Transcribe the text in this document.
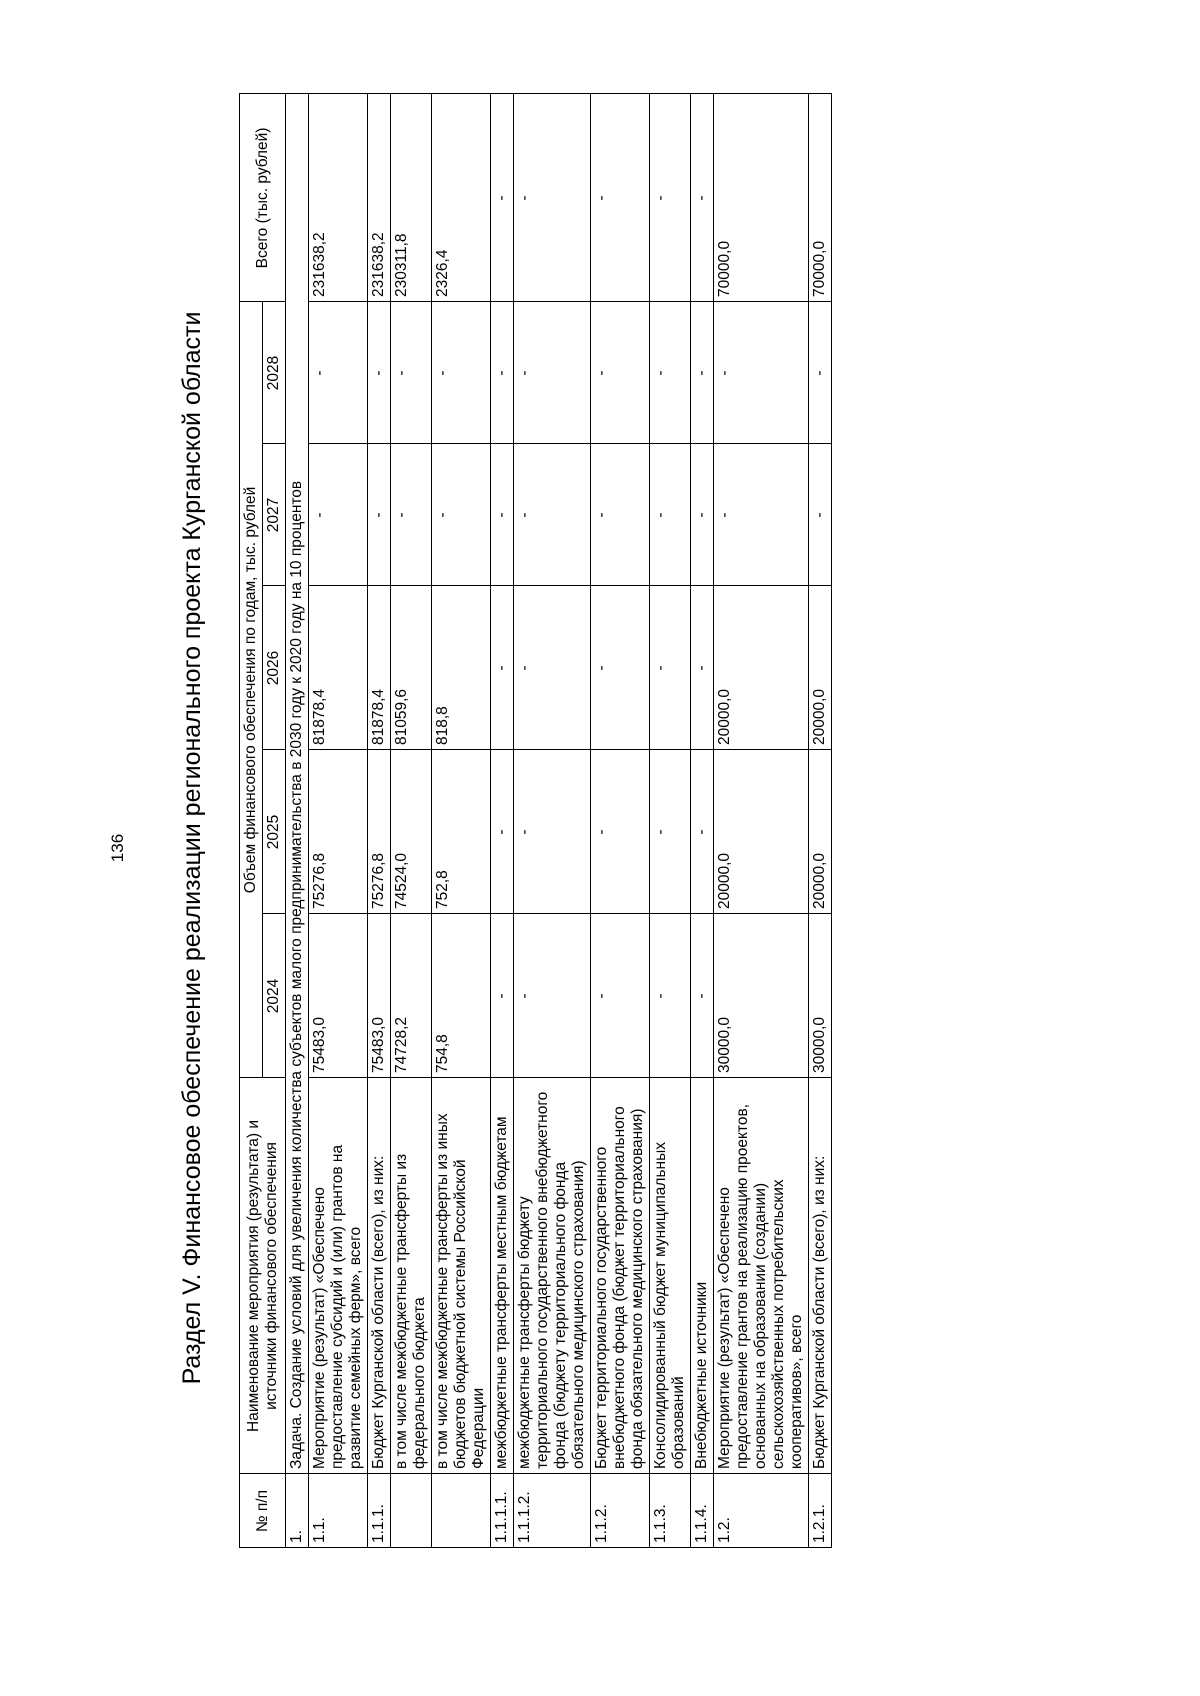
136 Раздел V. Финансовое обеспечение реализации регионального проекта Курганской области
№ п/п	Наименование мероприятия (результата) и источники финансового обеспечения	Объем финансового обеспечения по годам, тыс. рублей					Всего (тыс. рублей)
		2024	2025	2026	2027	2028	
1.	Задача. Создание условий для увеличения количества субъектов малого предпринимательства в 2030 году к 2020 году на 10 процентов						
1.1.	Мероприятие (результат) «Обеспечено предоставление субсидий и (или) грантов на развитие семейных ферм», всего	75483,0	75276,8	81878,4	-	-	231638,2
1.1.1.	Бюджет Курганской области (всего), из них:	75483,0	75276,8	81878,4	-	-	231638,2
	в том числе межбюджетные трансферты из федерального бюджета	74728,2	74524,0	81059,6	-	-	230311,8
	в том числе межбюджетные трансферты из иных бюджетов бюджетной системы Российской Федерации	754,8	752,8	818,8	-	-	2326,4
1.1.1.1.	межбюджетные трансферты местным бюджетам	-	-	-	-	-	-
1.1.1.2.	межбюджетные трансферты бюджету территориального государственного внебюджетного фонда (бюджету территориального фонда обязательного медицинского страхования)	-	-	-	-	-	-
1.1.2.	Бюджет территориального государственного внебюджетного фонда (бюджет территориального фонда обязательного медицинского страхования)	-	-	-	-	-	-
1.1.3.	Консолидированный бюджет муниципальных образований	-	-	-	-	-	-
1.1.4.	Внебюджетные источники	-	-	-	-	-	-
1.2.	Мероприятие (результат) «Обеспечено предоставление грантов на реализацию проектов, основанных на образовании (создании) сельскохозяйственных потребительских кооперативов», всего	30000,0	20000,0	20000,0	-	-	70000,0
1.2.1.	Бюджет Курганской области (всего), из них:	30000,0	20000,0	20000,0	-	-	70000,0
